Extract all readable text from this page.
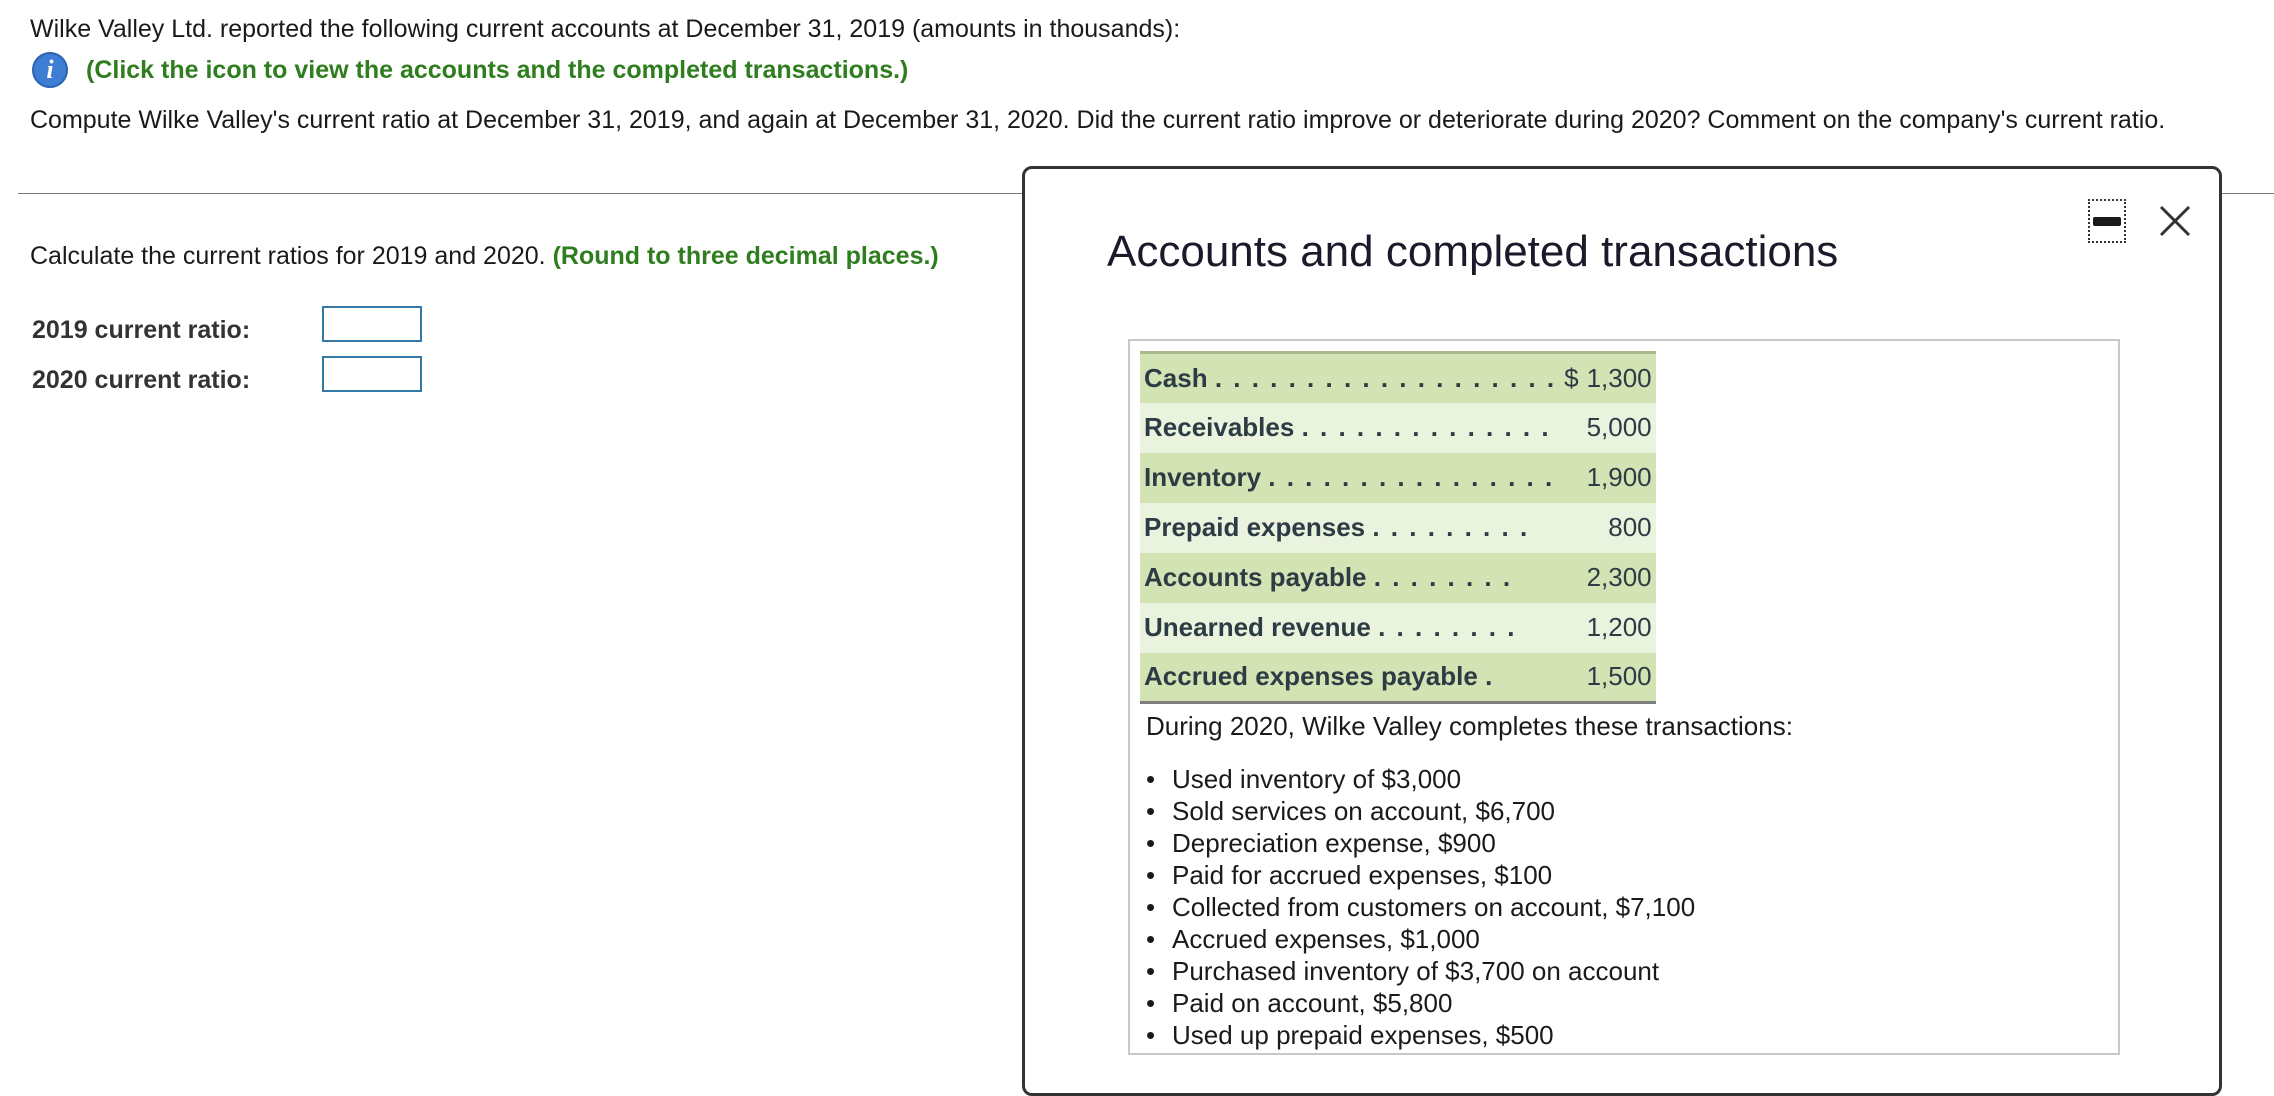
Wilke Valley Ltd. reported the following current accounts at December 31, 2019 (amounts in thousands):
i	(Click the icon to view the accounts and the completed transactions.)
Compute Wilke Valley's current ratio at December 31, 2019, and again at December 31, 2020. Did the current ratio improve or deteriorate during 2020? Comment on the company's current ratio.
Calculate the current ratios for 2019 and 2020. (Round to three decimal places.)
2019 current ratio:
2020 current ratio:
Accounts and completed transactions
Cash . . . . . . . . . . . . . . . . . . .	$	1,300
Receivables . . . . . . . . . . . . . .		5,000
Inventory . . . . . . . . . . . . . . . .		1,900
Prepaid expenses . . . . . . . . .		800
Accounts payable . . . . . . . .		2,300
Unearned revenue . . . . . . . .		1,200
Accrued expenses payable .		1,500
During 2020, Wilke Valley completes these transactions:
• Used inventory of $3,000
• Sold services on account, $6,700
• Depreciation expense, $900
• Paid for accrued expenses, $100
• Collected from customers on account, $7,100
• Accrued expenses, $1,000
• Purchased inventory of $3,700 on account
• Paid on account, $5,800
• Used up prepaid expenses, $500
